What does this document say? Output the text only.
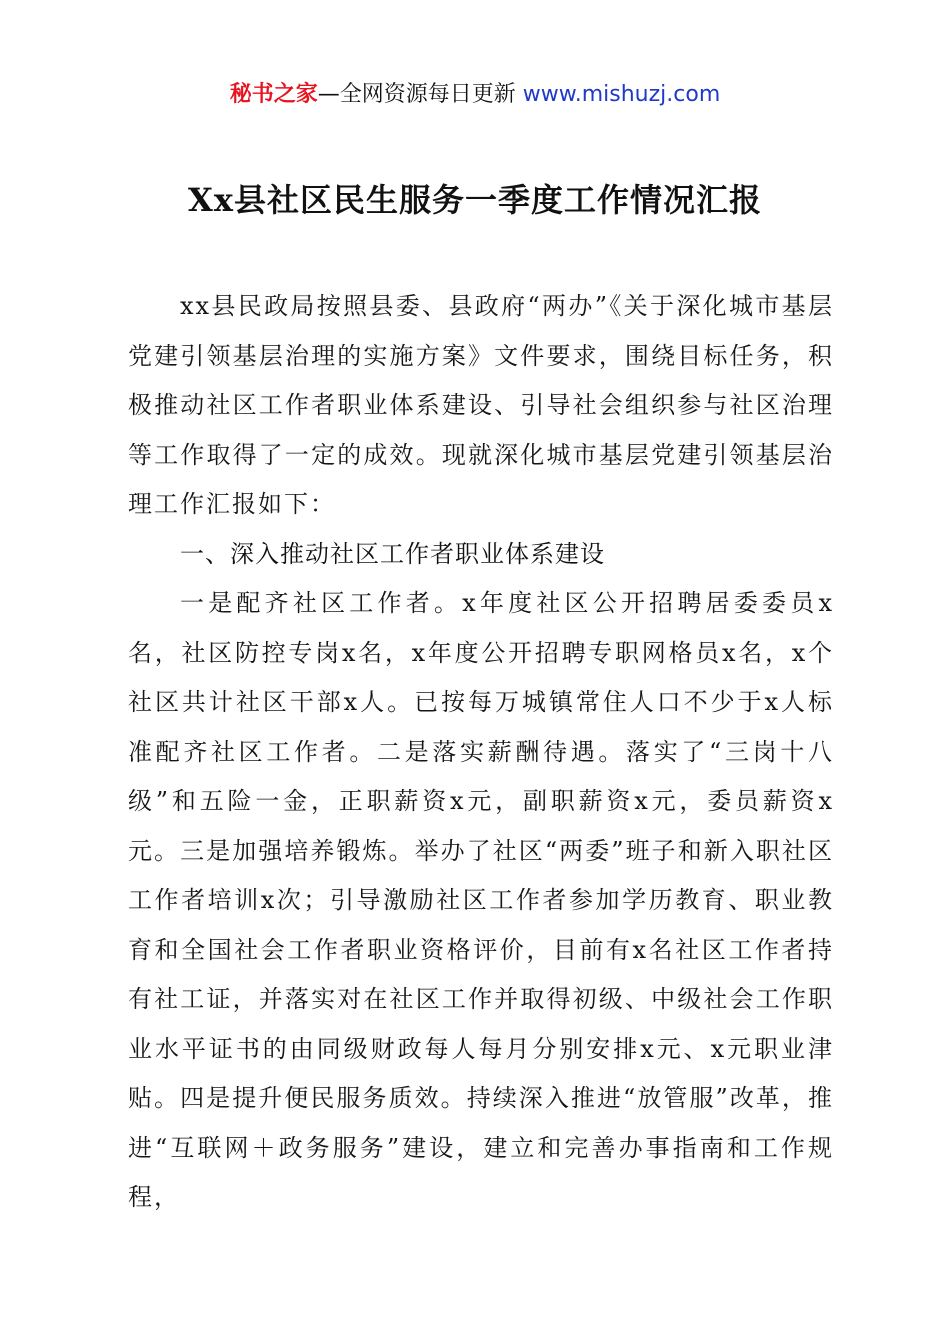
秘书之家—全网资源每日更新 www.mishuzj.com
Xx县社区民生服务一季度工作情况汇报

xx县民政局按照县委、县政府“两办”《关于深化城市基层党建引领基层治理的实施方案》文件要求，围绕目标任务，积极推动社区工作者职业体系建设、引导社会组织参与社区治理等工作取得了一定的成效。现就深化城市基层党建引领基层治理工作汇报如下：

一、深入推动社区工作者职业体系建设

一是配齐社区工作者。x年度社区公开招聘居委委员x名，社区防控专岗x名，x年度公开招聘专职网格员x名，x个社区共计社区干部x人。已按每万城镇常住人口不少于x人标准配齐社区工作者。二是落实薪酬待遇。落实了“三岗十八级”和五险一金，正职薪资x元，副职薪资x元，委员薪资x元。三是加强培养锻炼。举办了社区“两委”班子和新入职社区工作者培训x次；引导激励社区工作者参加学历教育、职业教育和全国社会工作者职业资格评价，目前有x名社区工作者持有社工证，并落实对在社区工作并取得初级、中级社会工作职业水平证书的由同级财政每人每月分别安排x元、x元职业津贴。四是提升便民服务质效。持续深入推进“放管服”改革，推进“互联网＋政务服务”建设，建立和完善办事指南和工作规程，
